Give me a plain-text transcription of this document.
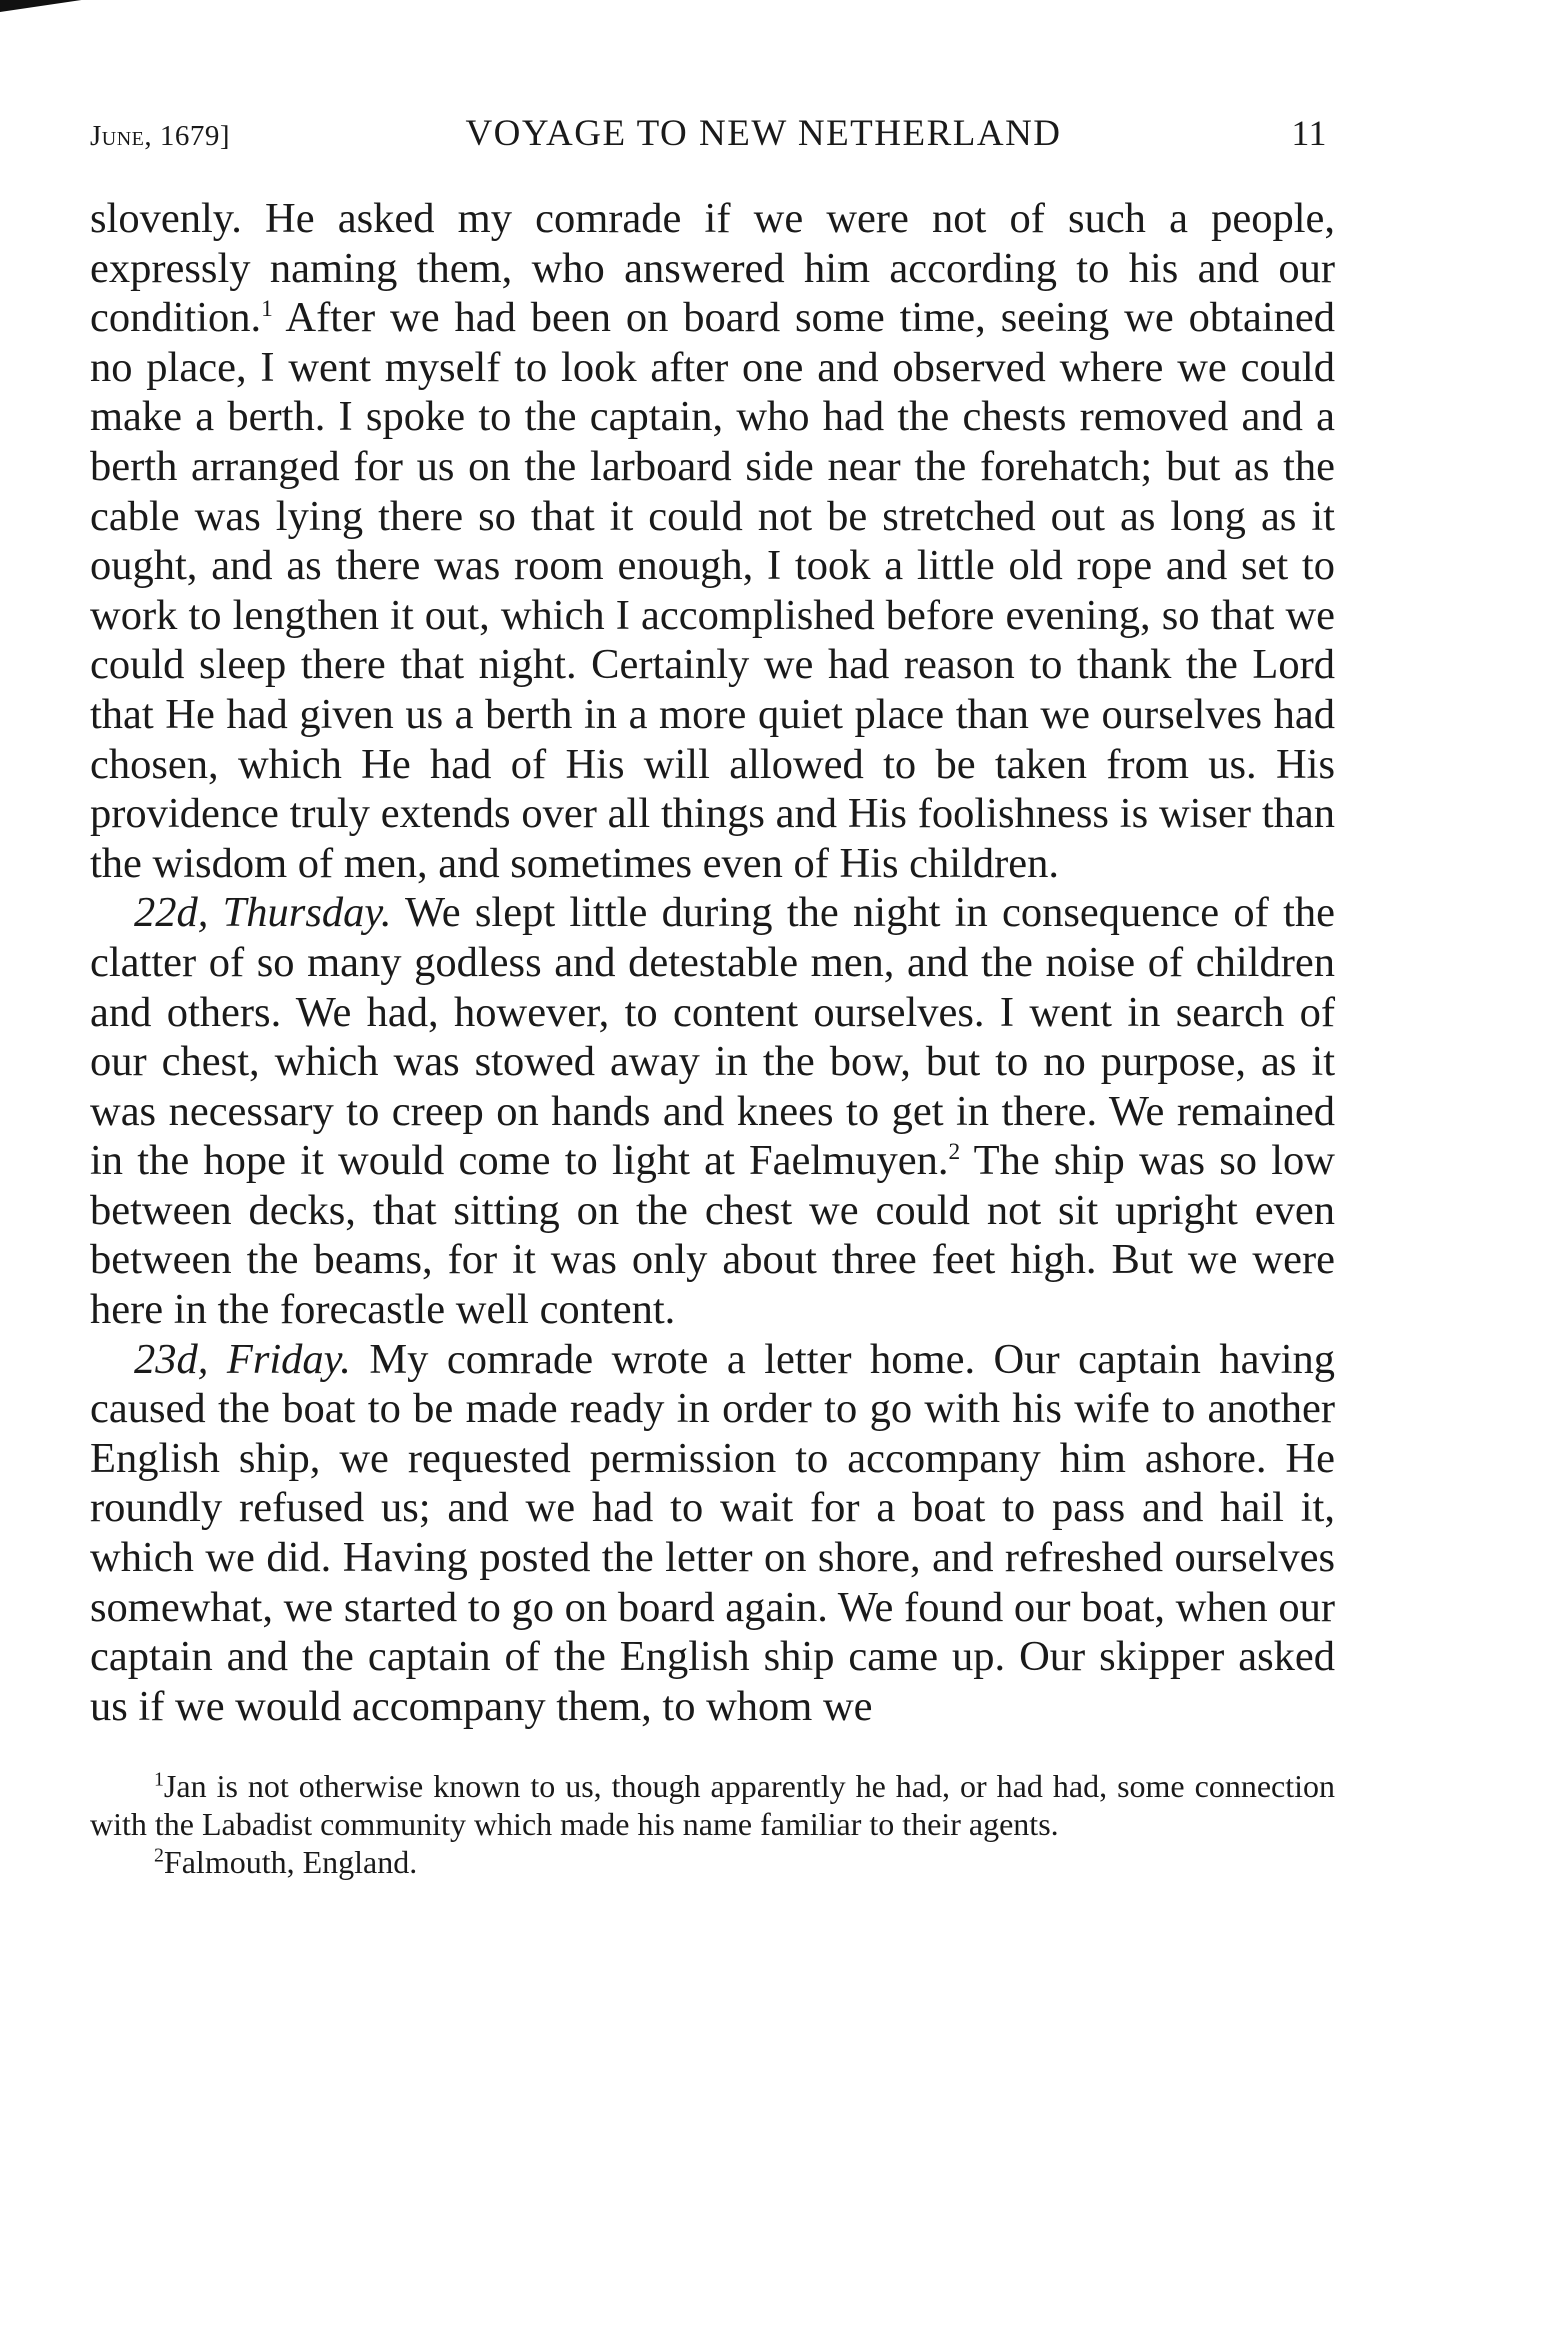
June, 1679]	VOYAGE TO NEW NETHERLAND	11

slovenly. He asked my comrade if we were not of such a people, expressly naming them, who answered him according to his and our condition.$^1$ After we had been on board some time, seeing we obtained no place, I went myself to look after one and observed where we could make a berth. I spoke to the captain, who had the chests removed and a berth arranged for us on the larboard side near the forehatch; but as the cable was lying there so that it could not be stretched out as long as it ought, and as there was room enough, I took a little old rope and set to work to lengthen it out, which I accomplished before evening, so that we could sleep there that night. Certainly we had reason to thank the Lord that He had given us a berth in a more quiet place than we ourselves had chosen, which He had of His will allowed to be taken from us. His providence truly extends over all things and His foolishness is wiser than the wisdom of men, and sometimes even of His children.

22d, Thursday. We slept little during the night in consequence of the clatter of so many godless and detestable men, and the noise of children and others. We had, however, to content ourselves. I went in search of our chest, which was stowed away in the bow, but to no purpose, as it was necessary to creep on hands and knees to get in there. We remained in the hope it would come to light at Faelmuyen.$^2$ The ship was so low between decks, that sitting on the chest we could not sit upright even between the beams, for it was only about three feet high. But we were here in the forecastle well content.

23d, Friday. My comrade wrote a letter home. Our captain having caused the boat to be made ready in order to go with his wife to another English ship, we requested permission to accompany him ashore. He roundly refused us; and we had to wait for a boat to pass and hail it, which we did. Having posted the letter on shore, and refreshed ourselves somewhat, we started to go on board again. We found our boat, when our captain and the captain of the English ship came up. Our skipper asked us if we would accompany them, to whom we

$^1$Jan is not otherwise known to us, though apparently he had, or had had, some connection with the Labadist community which made his name familiar to their agents.

$^2$Falmouth, England.
